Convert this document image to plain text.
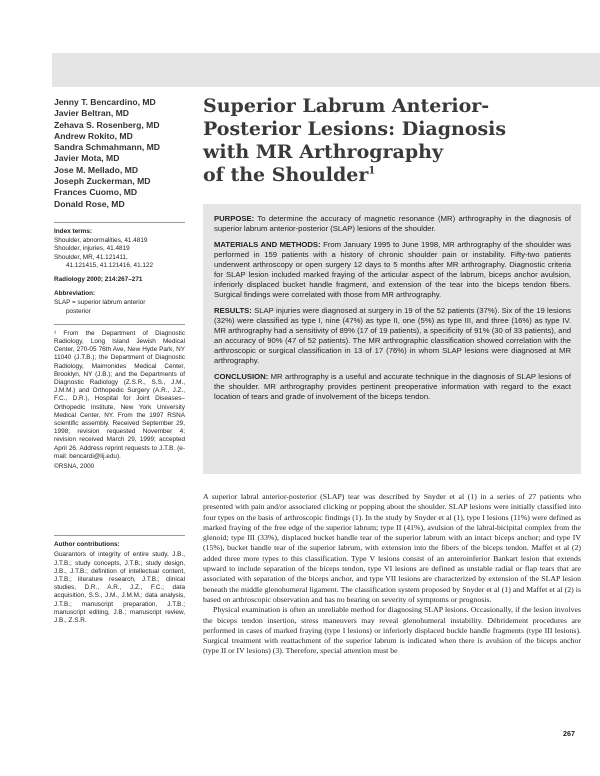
Jenny T. Bencardino, MD
Javier Beltran, MD
Zehava S. Rosenberg, MD
Andrew Rokito, MD
Sandra Schmahmann, MD
Javier Mota, MD
Jose M. Mellado, MD
Joseph Zuckerman, MD
Frances Cuomo, MD
Donald Rose, MD
Index terms:
Shoulder, abnormalities, 41.4819
Shoulder, injuries, 41.4819
Shoulder, MR, 41.121411,
41.121415, 41.121416, 41.122
Radiology 2000; 214:267–271
Abbreviation:
SLAP = superior labrum anterior
posterior
¹ From the Department of Diagnostic Radiology, Long Island Jewish Medical Center, 270-05 76th Ave, New Hyde Park, NY 11040 (J.T.B.); the Department of Diagnostic Radiology, Maimonides Medical Center, Brooklyn, NY (J.B.); and the Departments of Diagnostic Radiology (Z.S.R., S.S., J.M., J.M.M.) and Orthopedic Surgery (A.R., J.Z., F.C., D.R.), Hospital for Joint Diseases–Orthopedic Institute, New York University Medical Center, NY. From the 1997 RSNA scientific assembly. Received September 29, 1998; revision requested November 4; revision received March 29, 1999; accepted April 26. Address reprint requests to J.T.B. (e-mail: bencardi@lij.edu).
©RSNA, 2000
Author contributions:
Guarantors of integrity of entire study, J.B., J.T.B.; study concepts, J.T.B.; study design, J.B., J.T.B.; definition of intellectual content, J.T.B.; literature research, J.T.B.; clinical studies, D.R., A.R., J.Z., F.C.; data acquisition, S.S., J.M., J.M.M.; data analysis, J.T.B.; manuscript preparation, J.T.B.; manuscript editing, J.B.; manuscript review, J.B., Z.S.R.
Superior Labrum Anterior-
Posterior Lesions: Diagnosis
with MR Arthrography
of the Shoulder$^1$

PURPOSE: To determine the accuracy of magnetic resonance (MR) arthrography in the diagnosis of superior labrum anterior-posterior (SLAP) lesions of the shoulder.

MATERIALS AND METHODS: From January 1995 to June 1998, MR arthrography of the shoulder was performed in 159 patients with a history of chronic shoulder pain or instability. Fifty-two patients underwent arthroscopy or open surgery 12 days to 5 months after MR arthrography. Diagnostic criteria for SLAP lesion included marked fraying of the articular aspect of the labrum, biceps anchor avulsion, inferiorly displaced bucket handle fragment, and extension of the tear into the biceps tendon fibers. Surgical findings were correlated with those from MR arthrography.

RESULTS: SLAP injuries were diagnosed at surgery in 19 of the 52 patients (37%). Six of the 19 lesions (32%) were classified as type I, nine (47%) as type II, one (5%) as type III, and three (16%) as type IV. MR arthrography had a sensitivity of 89% (17 of 19 patients), a specificity of 91% (30 of 33 patients), and an accuracy of 90% (47 of 52 patients). The MR arthrographic classification showed correlation with the arthroscopic or surgical classification in 13 of 17 (76%) in whom SLAP lesions were diagnosed at MR arthrography.

CONCLUSION: MR arthrography is a useful and accurate technique in the diagnosis of SLAP lesions of the shoulder. MR arthrography provides pertinent preoperative information with regard to the exact location of tears and grade of involvement of the biceps tendon.

A superior labral anterior-posterior (SLAP) tear was described by Snyder et al (1) in a series of 27 patients who presented with pain and/or associated clicking or popping about the shoulder. SLAP lesions were initially classified into four types on the basis of arthroscopic findings (1). In the study by Snyder et al (1), type I lesions (11%) were defined as marked fraying of the free edge of the superior labrum; type II (41%), avulsion of the labral-bicipital complex from the glenoid; type III (33%), displaced bucket handle tear of the superior labrum with an intact biceps anchor; and type IV (15%), bucket handle tear of the superior labrum, with extension into the fibers of the biceps tendon. Maffet et al (2) added three more types to this classification. Type V lesions consist of an anteroinferior Bankart lesion that extends upward to include separation of the biceps tendon, type VI lesions are defined as unstable radial or flap tears that are associated with separation of the biceps anchor, and type VII lesions are characterized by extension of the SLAP lesion beneath the middle glenohumeral ligament. The classification system proposed by Snyder et al (1) and Maffet et al (2) is based on arthroscopic observation and has no bearing on severity of symptoms or prognosis.

Physical examination is often an unreliable method for diagnosing SLAP lesions. Occasionally, if the lesion involves the biceps tendon insertion, stress maneuvers may reveal glenohumeral instability. Débridement procedures are performed in cases of marked fraying (type I lesions) or inferiorly displaced buckle handle fragments (type III lesions). Surgical treatment with reattachment of the superior labrum is indicated when there is avulsion of the biceps anchor (type II or IV lesions) (3). Therefore, special attention must be

267
